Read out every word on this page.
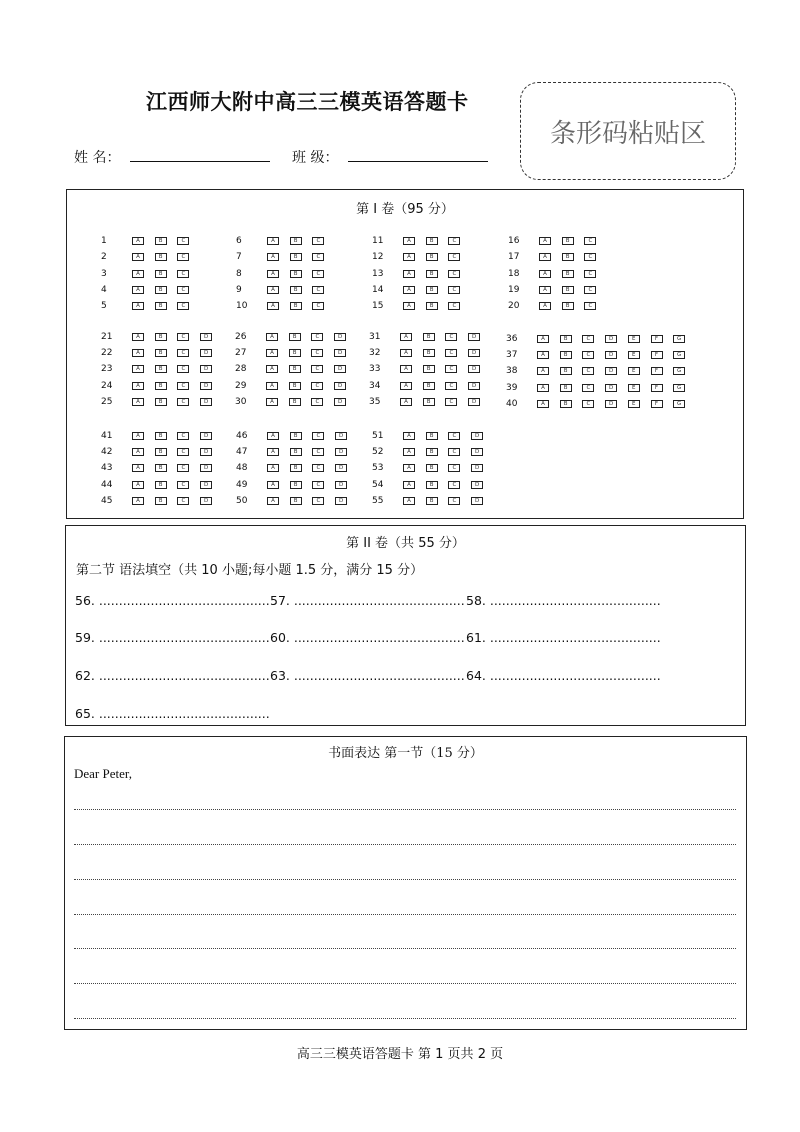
江西师大附中高三三模英语答题卡
姓 名：	班 级：
条形码粘贴区
第 I 卷（95 分）
1	A	B	C
2	A	B	C
3	A	B	C
4	A	B	C
5	A	B	C
6	A	B	C
7	A	B	C
8	A	B	C
9	A	B	C
10	A	B	C
11	A	B	C
12	A	B	C
13	A	B	C
14	A	B	C
15	A	B	C
16	A	B	C
17	A	B	C
18	A	B	C
19	A	B	C
20	A	B	C
21	A	B	C	D
22	A	B	C	D
23	A	B	C	D
24	A	B	C	D
25	A	B	C	D
26	A	B	C	D
27	A	B	C	D
28	A	B	C	D
29	A	B	C	D
30	A	B	C	D
31	A	B	C	D
32	A	B	C	D
33	A	B	C	D
34	A	B	C	D
35	A	B	C	D
36	A	B	C	D	E	F	G
37	A	B	C	D	E	F	G
38	A	B	C	D	E	F	G
39	A	B	C	D	E	F	G
40	A	B	C	D	E	F	G
41	A	B	C	D
42	A	B	C	D
43	A	B	C	D
44	A	B	C	D
45	A	B	C	D
46	A	B	C	D
47	A	B	C	D
48	A	B	C	D
49	A	B	C	D
50	A	B	C	D
51	A	B	C	D
52	A	B	C	D
53	A	B	C	D
54	A	B	C	D
55	A	B	C	D
第 II 卷（共 55 分）
第二节 语法填空（共 10 小题;每小题 1.5 分，满分 15 分）
56. ........................................... 57. ........................................... 58. ...........................................
59. ........................................... 60. ........................................... 61. ...........................................
62. ........................................... 63. ........................................... 64. ...........................................
65. ...........................................
书面表达 第一节（15 分）
Dear Peter,
高三三模英语答题卡 第 1 页共 2 页
